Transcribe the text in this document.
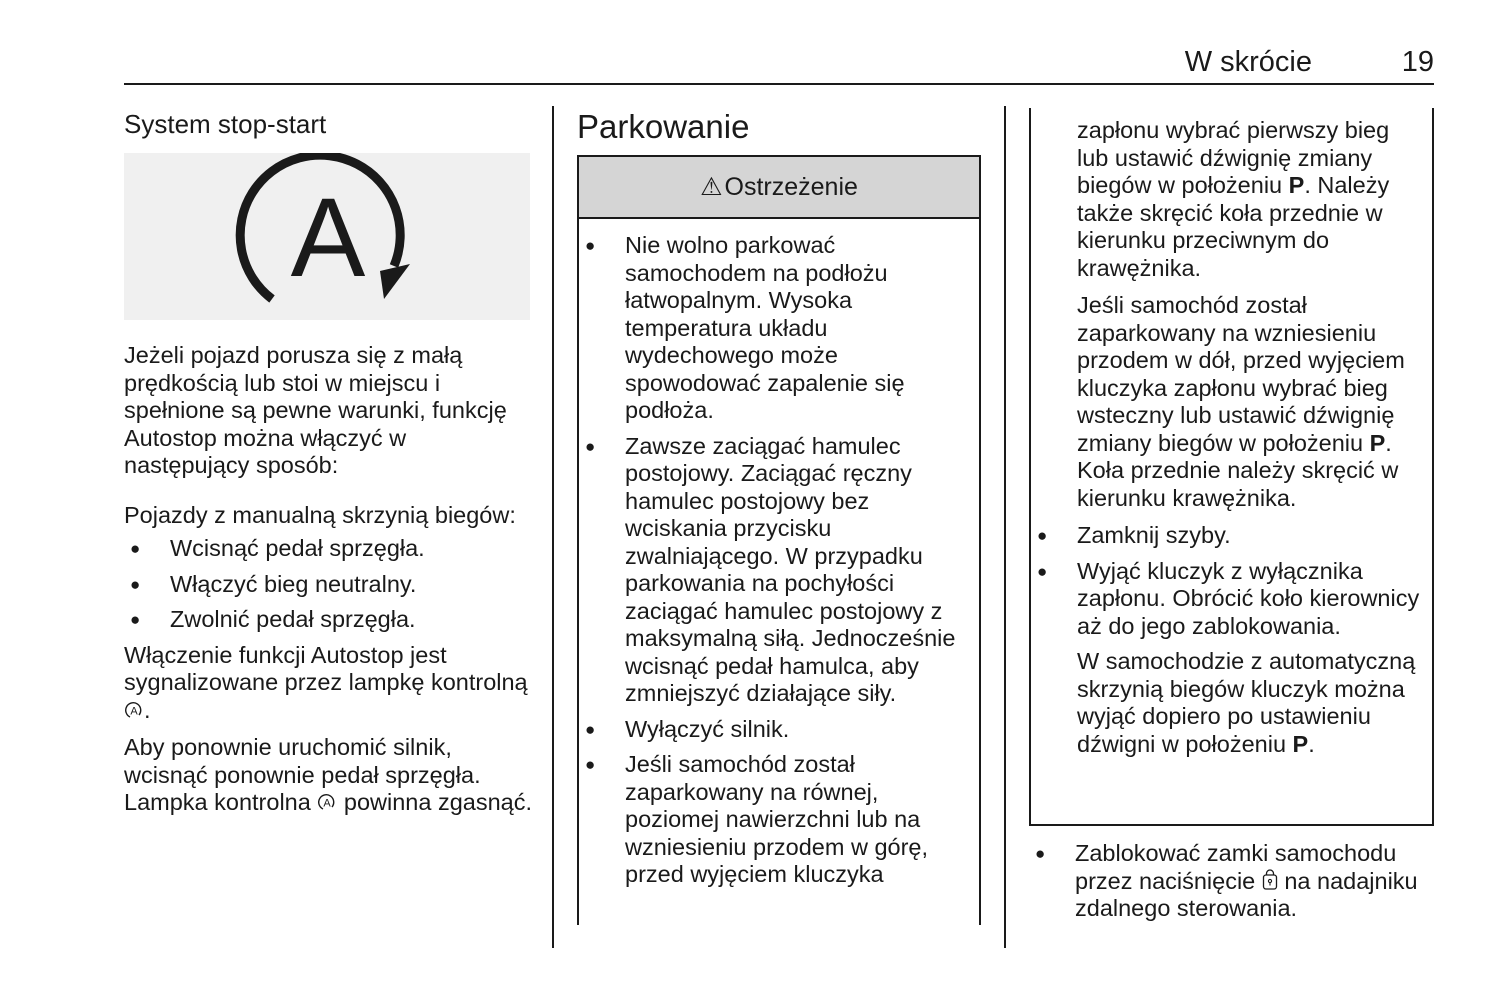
W skrócie	19
System stop-start
A

Jeżeli pojazd porusza się z małą prędkością lub stoi w miejscu i spełnione są pewne warunki, funkcję Autostop można włączyć w następujący sposób:

Pojazdy z manualną skrzynią biegów:

● Wcisnąć pedał sprzęgła.
● Włączyć bieg neutralny.
● Zwolnić pedał sprzęgła.

Włączenie funkcji Autostop jest sygnalizowane przez lampkę kontrolną
A .

Aby ponownie uruchomić silnik, wcisnąć ponownie pedał sprzęgła. Lampka kontrolna A powinna zgasnąć.

Parkowanie
⚠ Ostrzeżenie
● Nie wolno parkować samochodem na podłożu łatwopalnym. Wysoka temperatura układu wydechowego może spowodować zapalenie się podłoża.
● Zawsze zaciągać hamulec postojowy. Zaciągać ręczny hamulec postojowy bez wciskania przycisku zwalniającego. W przypadku parkowania na pochyłości zaciągać hamulec postojowy z maksymalną siłą. Jednocześnie wcisnąć pedał hamulca, aby zmniejszyć działające siły.
● Wyłączyć silnik.
● Jeśli samochód został zaparkowany na równej, poziomej nawierzchni lub na wzniesieniu przodem w górę, przed wyjęciem kluczyka

zapłonu wybrać pierwszy bieg lub ustawić dźwignię zmiany biegów w położeniu P. Należy także skręcić koła przednie w kierunku przeciwnym do krawężnika.

Jeśli samochód został zaparkowany na wzniesieniu przodem w dół, przed wyjęciem kluczyka zapłonu wybrać bieg wsteczny lub ustawić dźwignię zmiany biegów w położeniu P. Koła przednie należy skręcić w kierunku krawężnika.

● Zamknij szyby.
● Wyjąć kluczyk z wyłącznika zapłonu. Obrócić koło kierownicy aż do jego zablokowania.
W samochodzie z automatyczną skrzynią biegów kluczyk można wyjąć dopiero po ustawieniu dźwigni w położeniu P.
● Zablokować zamki samochodu przez naciśnięcie  na nadajniku zdalnego sterowania.
